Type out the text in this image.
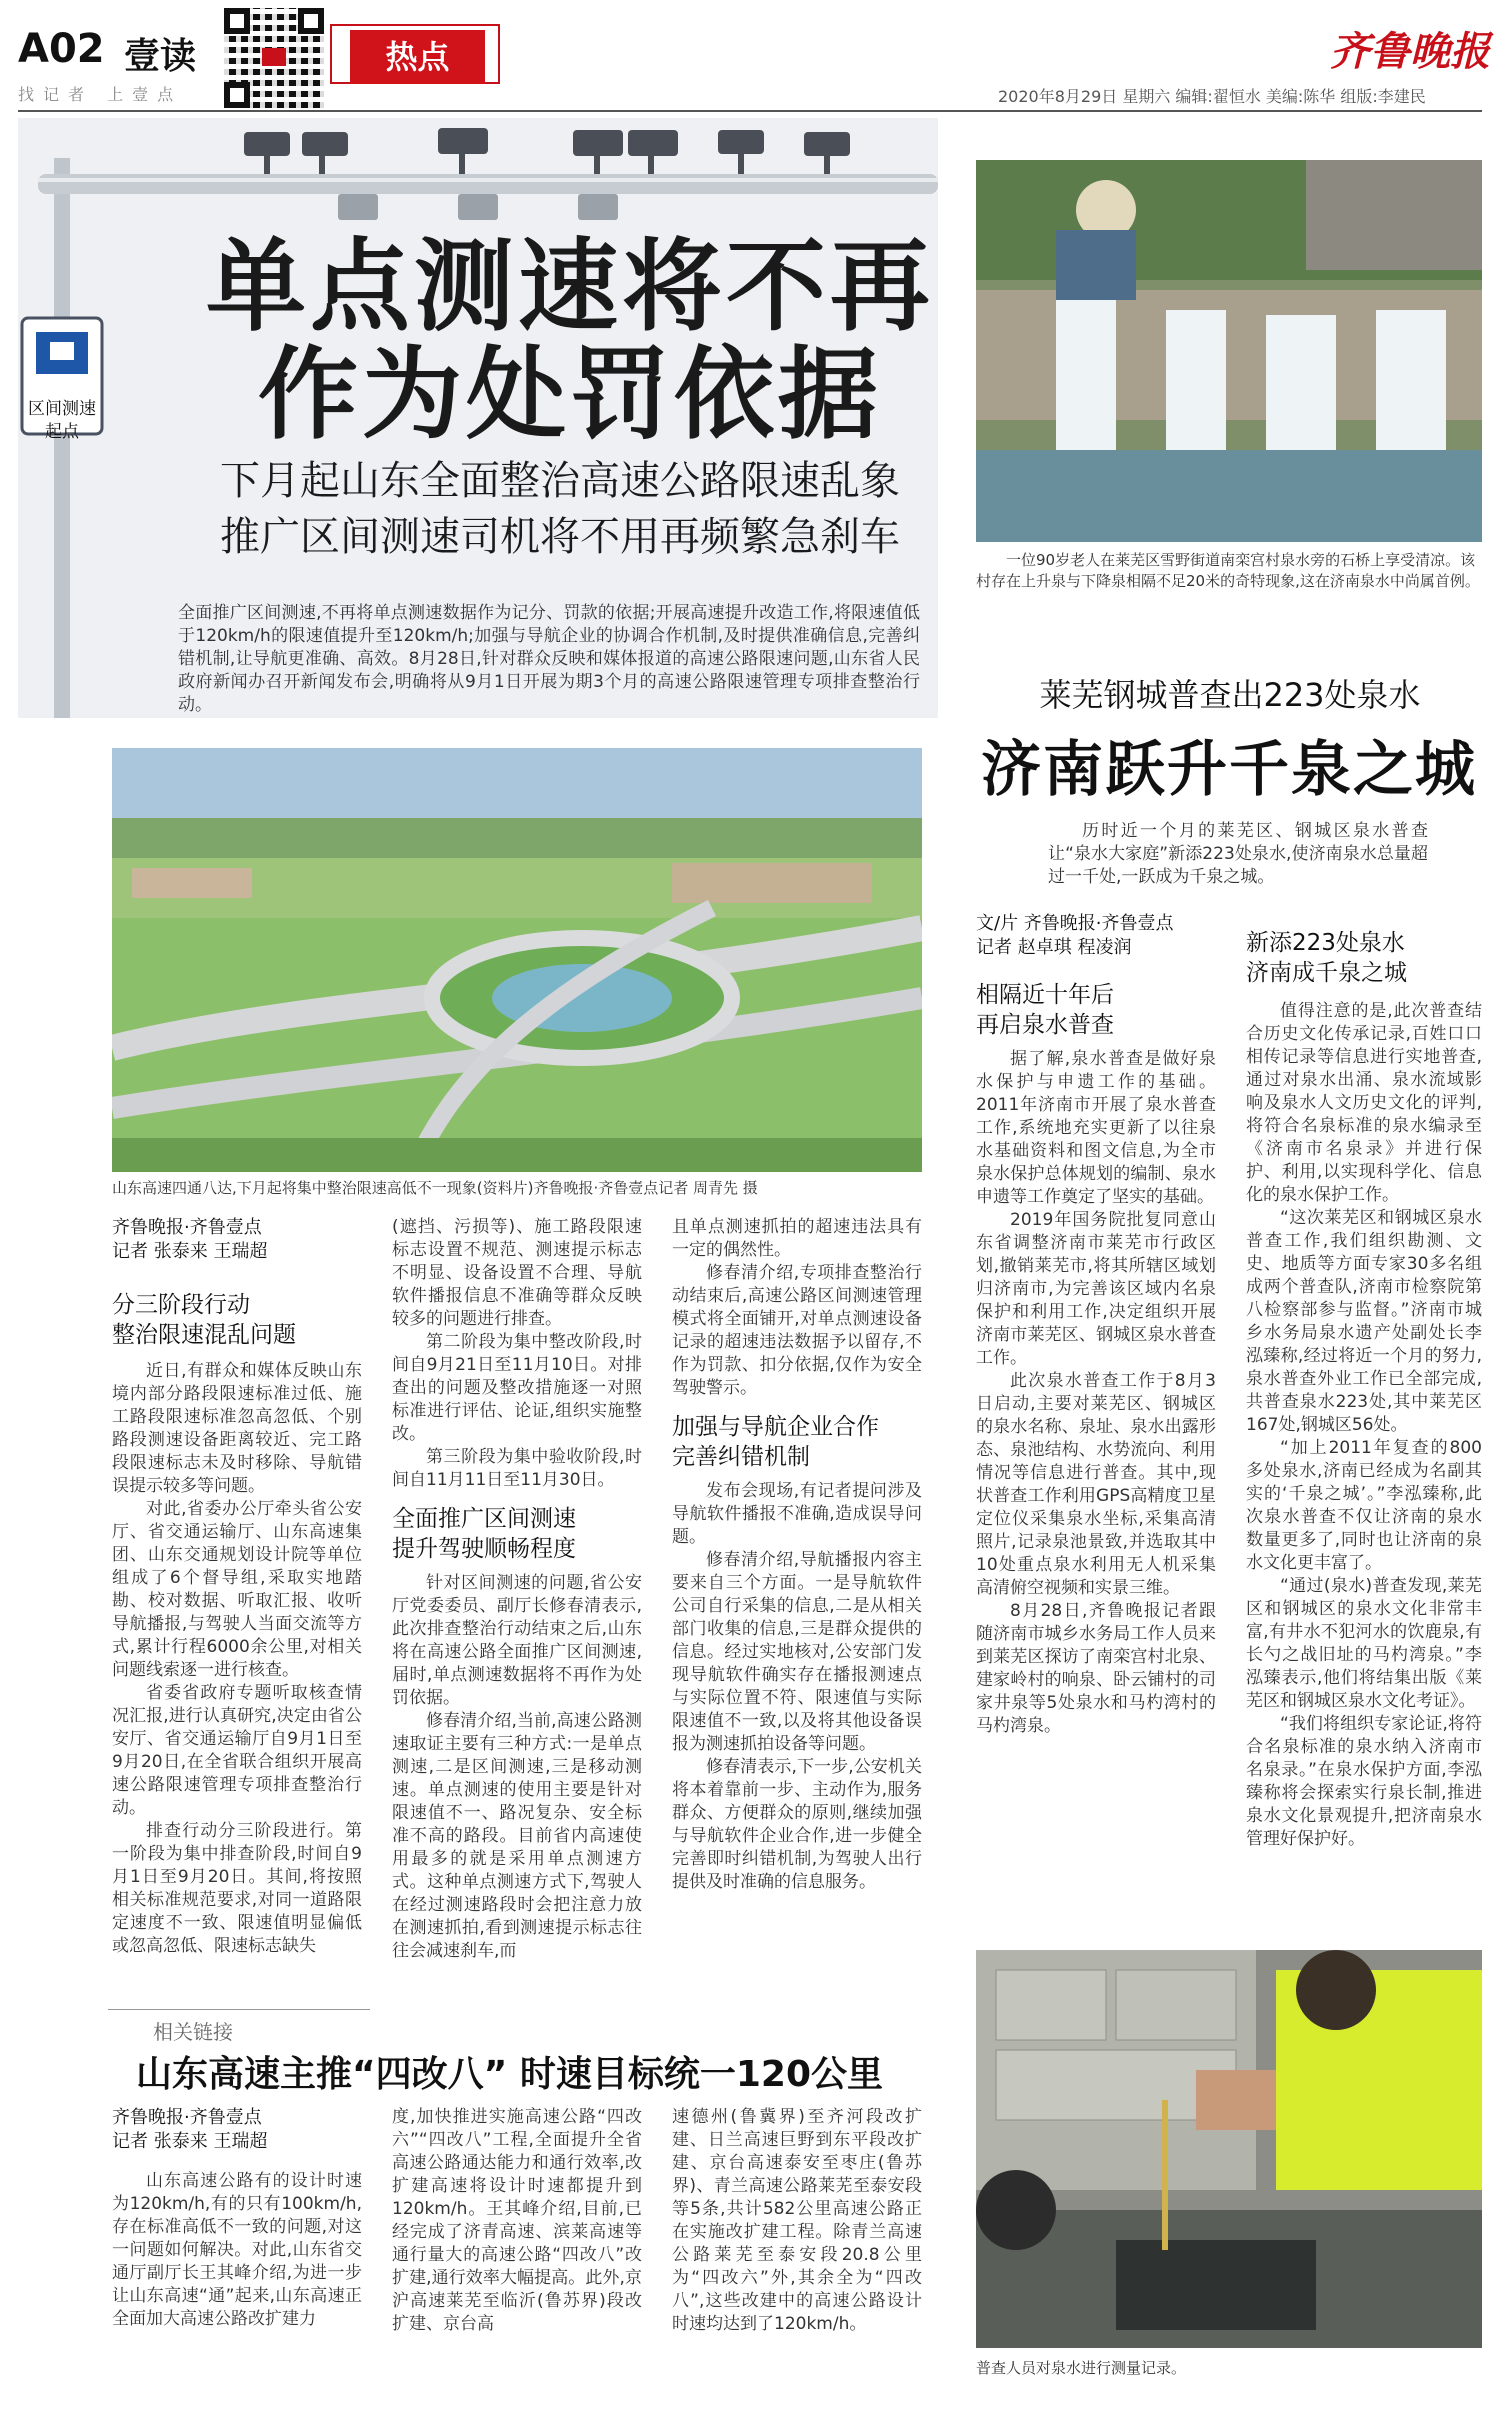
A02 壹读
找记者 上壹点
热点	齐鲁晚报
2020年8月29日 星期六 编辑:翟恒水 美编:陈华 组版:李建民
区间测速
起点
单点测速将不再
作为处罚依据
下月起山东全面整治高速公路限速乱象
推广区间测速司机将不用再频繁急刹车
全面推广区间测速,不再将单点测速数据作为记分、罚款的依据;开展高速提升改造工作,将限速值低于120km/h的限速值提升至120km/h;加强与导航企业的协调合作机制,及时提供准确信息,完善纠错机制,让导航更准确、高效。8月28日,针对群众反映和媒体报道的高速公路限速问题,山东省人民政府新闻办召开新闻发布会,明确将从9月1日开展为期3个月的高速公路限速管理专项排查整治行动。
山东高速四通八达,下月起将集中整治限速高低不一现象(资料片)齐鲁晚报·齐鲁壹点记者 周青先 摄
齐鲁晚报·齐鲁壹点
记者 张泰来 王瑞超
分三阶段行动
整治限速混乱问题

近日,有群众和媒体反映山东境内部分路段限速标准过低、施工路段限速标准忽高忽低、个别路段测速设备距离较近、完工路段限速标志未及时移除、导航错误提示较多等问题。

对此,省委办公厅牵头省公安厅、省交通运输厅、山东高速集团、山东交通规划设计院等单位组成了6个督导组,采取实地踏勘、校对数据、听取汇报、收听导航播报,与驾驶人当面交流等方式,累计行程6000余公里,对相关问题线索逐一进行核查。

省委省政府专题听取核查情况汇报,进行认真研究,决定由省公安厅、省交通运输厅自9月1日至9月20日,在全省联合组织开展高速公路限速管理专项排查整治行动。

排查行动分三阶段进行。第一阶段为集中排查阶段,时间自9月1日至9月20日。其间,将按照相关标准规范要求,对同一道路限定速度不一致、限速值明显偏低或忽高忽低、限速标志缺失

(遮挡、污损等)、施工路段限速标志设置不规范、测速提示标志不明显、设备设置不合理、导航软件播报信息不准确等群众反映较多的问题进行排查。

第二阶段为集中整改阶段,时间自9月21日至11月10日。对排查出的问题及整改措施逐一对照标准进行评估、论证,组织实施整改。

第三阶段为集中验收阶段,时间自11月11日至11月30日。

全面推广区间测速
提升驾驶顺畅程度

针对区间测速的问题,省公安厅党委委员、副厅长修春清表示,此次排查整治行动结束之后,山东将在高速公路全面推广区间测速,届时,单点测速数据将不再作为处罚依据。

修春清介绍,当前,高速公路测速取证主要有三种方式:一是单点测速,二是区间测速,三是移动测速。单点测速的使用主要是针对限速值不一、路况复杂、安全标准不高的路段。目前省内高速使用最多的就是采用单点测速方式。这种单点测速方式下,驾驶人在经过测速路段时会把注意力放在测速抓拍,看到测速提示标志往往会减速刹车,而

且单点测速抓拍的超速违法具有一定的偶然性。

修春清介绍,专项排查整治行动结束后,高速公路区间测速管理模式将全面铺开,对单点测速设备记录的超速违法数据予以留存,不作为罚款、扣分依据,仅作为安全驾驶警示。

加强与导航企业合作
完善纠错机制

发布会现场,有记者提问涉及导航软件播报不准确,造成误导问题。

修春清介绍,导航播报内容主要来自三个方面。一是导航软件公司自行采集的信息,二是从相关部门收集的信息,三是群众提供的信息。经过实地核对,公安部门发现导航软件确实存在播报测速点与实际位置不符、限速值与实际限速值不一致,以及将其他设备误报为测速抓拍设备等问题。

修春清表示,下一步,公安机关将本着靠前一步、主动作为,服务群众、方便群众的原则,继续加强与导航软件企业合作,进一步健全完善即时纠错机制,为驾驶人出行提供及时准确的信息服务。

相关链接
山东高速主推“四改八” 时速目标统一120公里
齐鲁晚报·齐鲁壹点
记者 张泰来 王瑞超

山东高速公路有的设计时速为120km/h,有的只有100km/h,存在标准高低不一致的问题,对这一问题如何解决。对此,山东省交通厅副厅长王其峰介绍,为进一步让山东高速“通”起来,山东高速正全面加大高速公路改扩建力

度,加快推进实施高速公路“四改六”“四改八”工程,全面提升全省高速公路通达能力和通行效率,改扩建高速将设计时速都提升到120km/h。王其峰介绍,目前,已经完成了济青高速、滨莱高速等通行量大的高速公路“四改八”改扩建,通行效率大幅提高。此外,京沪高速莱芜至临沂(鲁苏界)段改扩建、京台高

速德州(鲁冀界)至齐河段改扩建、日兰高速巨野到东平段改扩建、京台高速泰安至枣庄(鲁苏界)、青兰高速公路莱芜至泰安段等5条,共计582公里高速公路正在实施改扩建工程。除青兰高速公路莱芜至泰安段20.8公里为“四改六”外,其余全为“四改八”,这些改建中的高速公路设计时速均达到了120km/h。

一位90岁老人在莱芜区雪野街道南栾宫村泉水旁的石桥上享受清凉。该村存在上升泉与下降泉相隔不足20米的奇特现象,这在济南泉水中尚属首例。
莱芜钢城普查出223处泉水
济南跃升千泉之城
历时近一个月的莱芜区、钢城区泉水普查让“泉水大家庭”新添223处泉水,使济南泉水总量超过一千处,一跃成为千泉之城。
文/片 齐鲁晚报·齐鲁壹点
记者 赵卓琪 程凌润
相隔近十年后
再启泉水普查

据了解,泉水普查是做好泉水保护与申遗工作的基础。2011年济南市开展了泉水普查工作,系统地充实更新了以往泉水基础资料和图文信息,为全市泉水保护总体规划的编制、泉水申遗等工作奠定了坚实的基础。

2019年国务院批复同意山东省调整济南市莱芜市行政区划,撤销莱芜市,将其所辖区域划归济南市,为完善该区域内名泉保护和利用工作,决定组织开展济南市莱芜区、钢城区泉水普查工作。

此次泉水普查工作于8月3日启动,主要对莱芜区、钢城区的泉水名称、泉址、泉水出露形态、泉池结构、水势流向、利用情况等信息进行普查。其中,现状普查工作利用GPS高精度卫星定位仪采集泉水坐标,采集高清照片,记录泉池景致,并选取其中10处重点泉水利用无人机采集高清俯空视频和实景三维。

8月28日,齐鲁晚报记者跟随济南市城乡水务局工作人员来到莱芜区探访了南栾宫村北泉、建家岭村的响泉、卧云铺村的司家井泉等5处泉水和马杓湾村的马杓湾泉。

新添223处泉水
济南成千泉之城

值得注意的是,此次普查结合历史文化传承记录,百姓口口相传记录等信息进行实地普查,通过对泉水出涌、泉水流域影响及泉水人文历史文化的评判,将符合名泉标准的泉水编录至《济南市名泉录》并进行保护、利用,以实现科学化、信息化的泉水保护工作。

“这次莱芜区和钢城区泉水普查工作,我们组织勘测、文史、地质等方面专家30多名组成两个普查队,济南市检察院第八检察部参与监督。”济南市城乡水务局泉水遗产处副处长李泓臻称,经过将近一个月的努力,泉水普查外业工作已全部完成,共普查泉水223处,其中莱芜区167处,钢城区56处。

“加上2011年复查的800多处泉水,济南已经成为名副其实的‘千泉之城’。”李泓臻称,此次泉水普查不仅让济南的泉水数量更多了,同时也让济南的泉水文化更丰富了。

“通过(泉水)普查发现,莱芜区和钢城区的泉水文化非常丰富,有井水不犯河水的饮鹿泉,有长勺之战旧址的马杓湾泉。”李泓臻表示,他们将结集出版《莱芜区和钢城区泉水文化考证》。

“我们将组织专家论证,将符合名泉标准的泉水纳入济南市名泉录。”在泉水保护方面,李泓臻称将会探索实行泉长制,推进泉水文化景观提升,把济南泉水管理好保护好。

普查人员对泉水进行测量记录。
